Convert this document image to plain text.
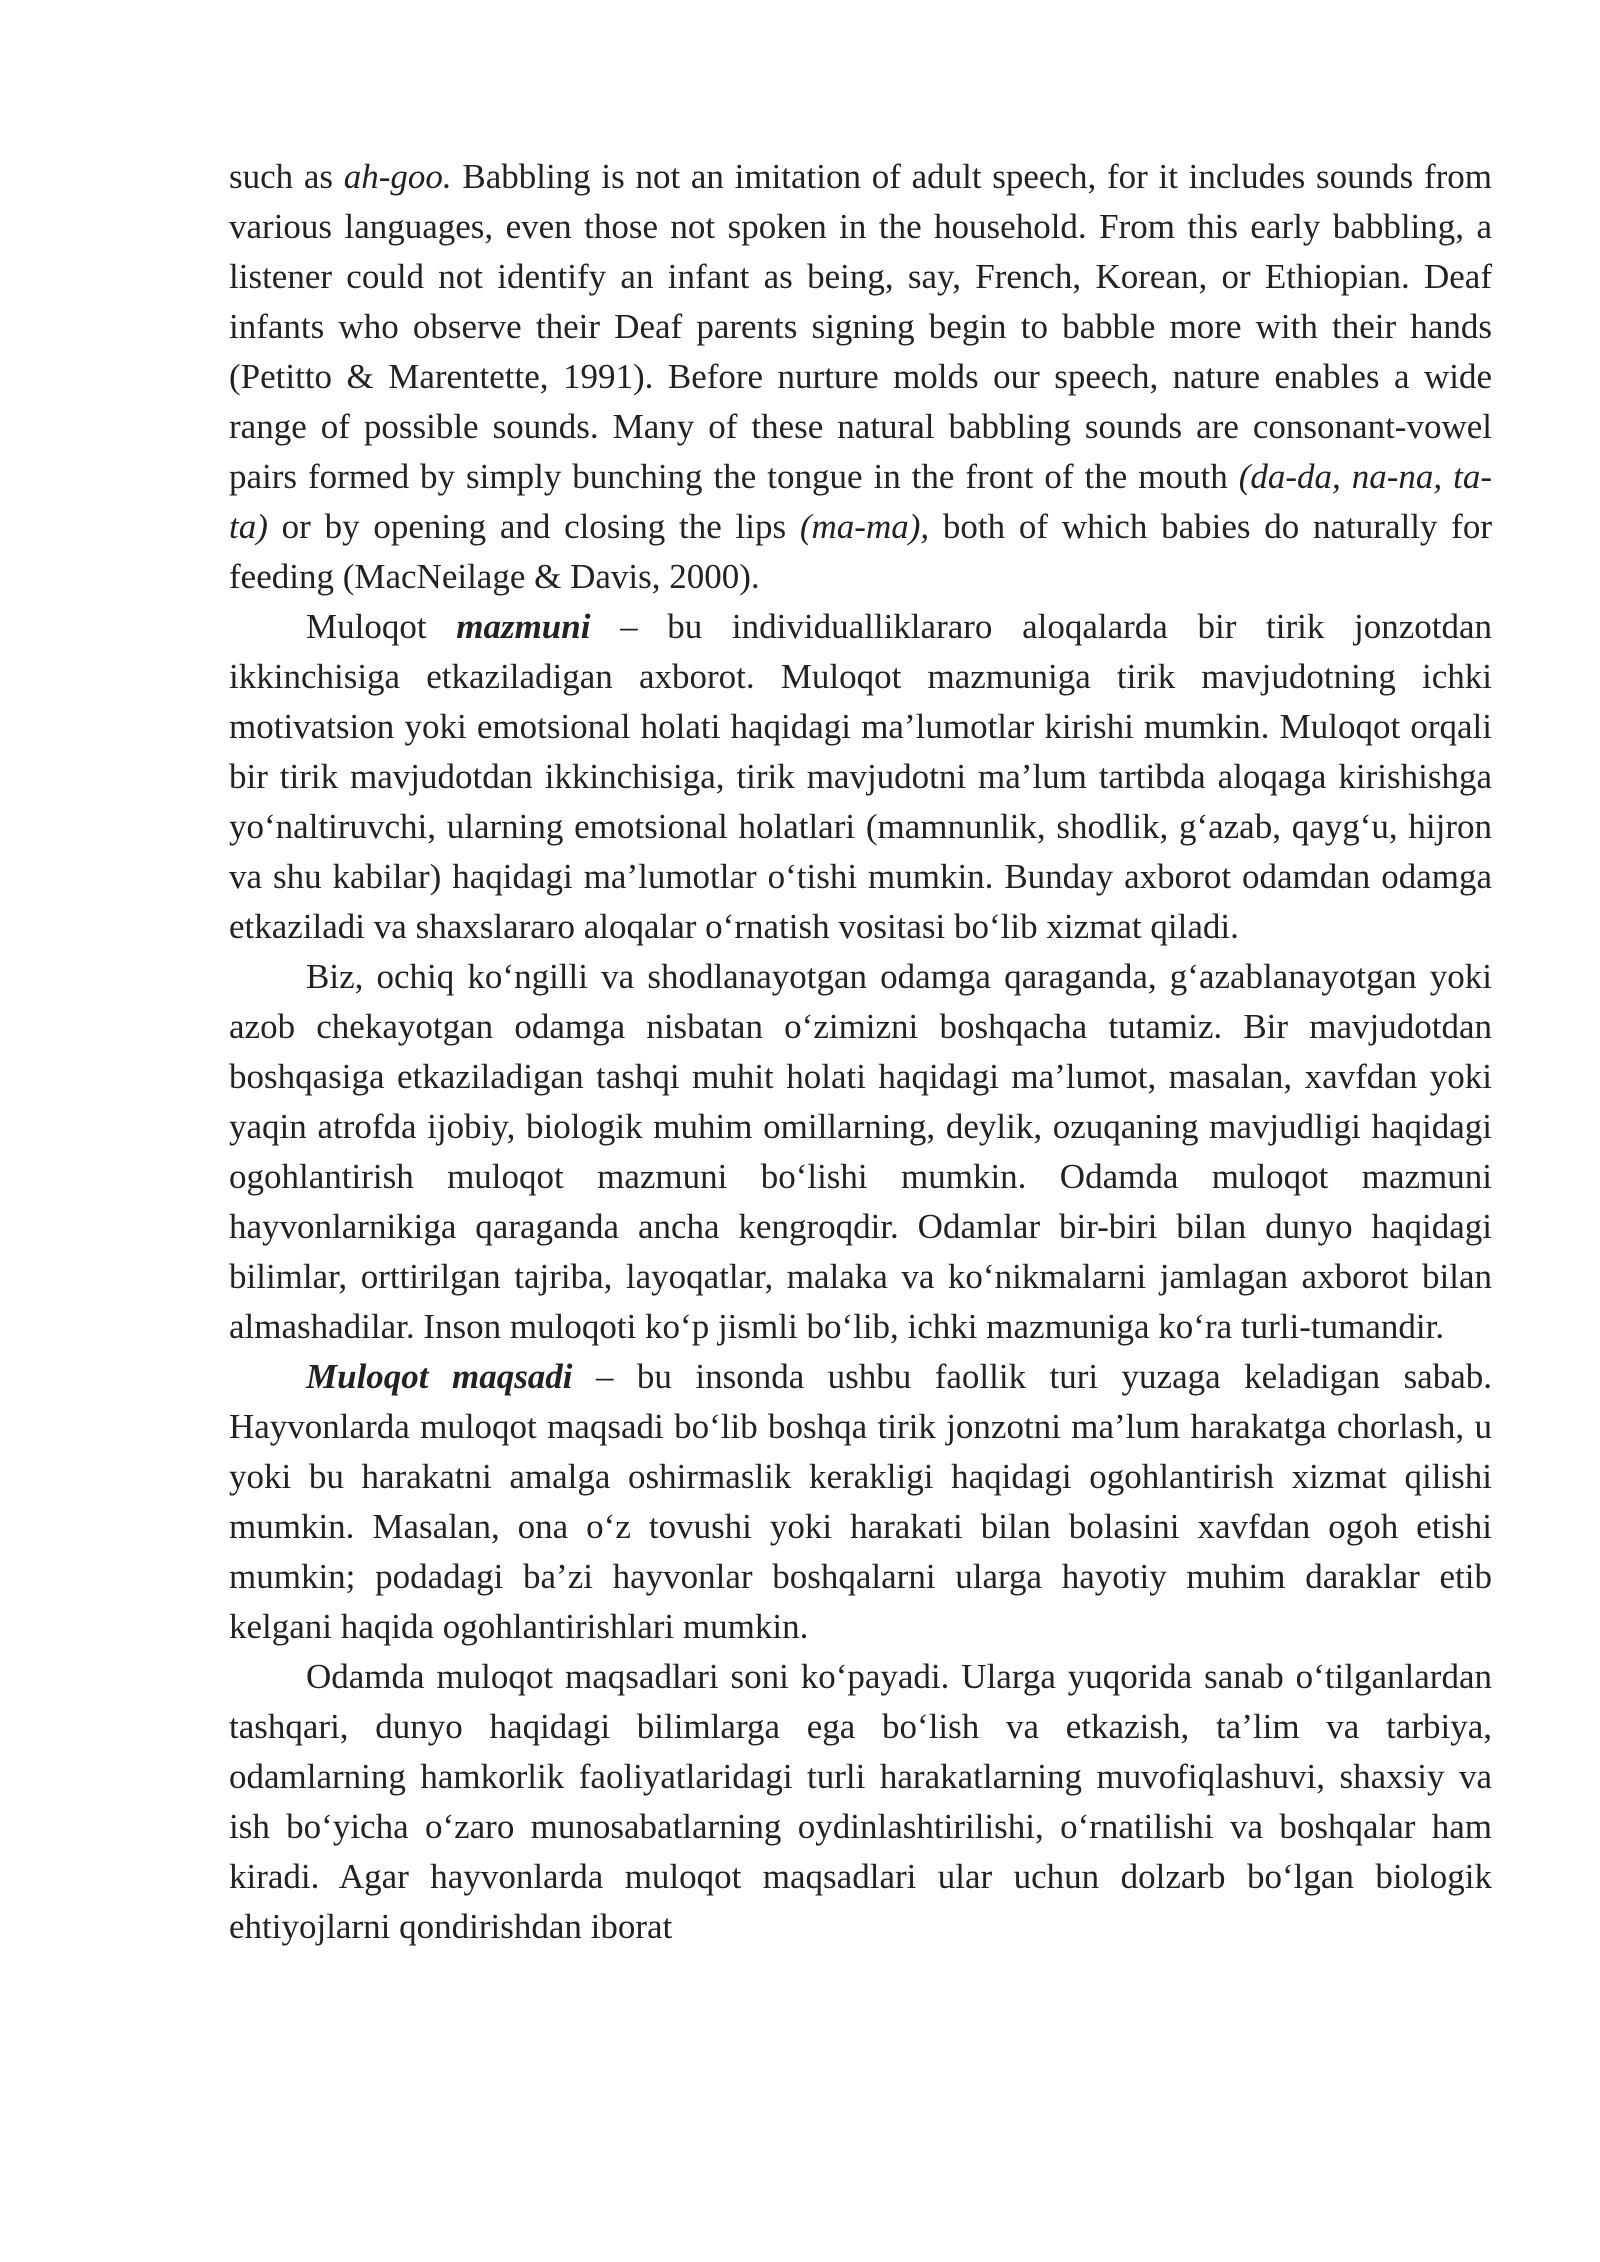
such as ah-goo. Babbling is not an imitation of adult speech, for it includes sounds from various languages, even those not spoken in the household. From this early babbling, a listener could not identify an infant as being, say, French, Korean, or Ethiopian. Deaf infants who observe their Deaf parents signing begin to babble more with their hands (Petitto & Marentette, 1991). Before nurture molds our speech, nature enables a wide range of possible sounds. Many of these natural babbling sounds are consonant-vowel pairs formed by simply bunching the tongue in the front of the mouth (da-da, na-na, ta-ta) or by opening and closing the lips (ma-ma), both of which babies do naturally for feeding (MacNeilage & Davis, 2000).

Muloqot mazmuni – bu individualliklararo aloqalarda bir tirik jonzotdan ikkinchisiga etkaziladigan axborot. Muloqot mazmuniga tirik mavjudotning ichki motivatsion yoki emotsional holati haqidagi ma’lumotlar kirishi mumkin. Muloqot orqali bir tirik mavjudotdan ikkinchisiga, tirik mavjudotni ma’lum tartibda aloqaga kirishishga yo‘naltiruvchi, ularning emotsional holatlari (mamnunlik, shodlik, g‘azab, qayg‘u, hijron va shu kabilar) haqidagi ma’lumotlar o‘tishi mumkin. Bunday axborot odamdan odamga etkaziladi va shaxslararo aloqalar o‘rnatish vositasi bo‘lib xizmat qiladi.

Biz, ochiq ko‘ngilli va shodlanayotgan odamga qaraganda, g‘azablanayotgan yoki azob chekayotgan odamga nisbatan o‘zimizni boshqacha tutamiz. Bir mavjudotdan boshqasiga etkaziladigan tashqi muhit holati haqidagi ma’lumot, masalan, xavfdan yoki yaqin atrofda ijobiy, biologik muhim omillarning, deylik, ozuqaning mavjudligi haqidagi ogohlantirish muloqot mazmuni bo‘lishi mumkin. Odamda muloqot mazmuni hayvonlarnikiga qaraganda ancha kengroqdir. Odamlar bir-biri bilan dunyo haqidagi bilimlar, orttirilgan tajriba, layoqatlar, malaka va ko‘nikmalarni jamlagan axborot bilan almashadilar. Inson muloqoti ko‘p jismli bo‘lib, ichki mazmuniga ko‘ra turli-tumandir.

Muloqot maqsadi – bu insonda ushbu faollik turi yuzaga keladigan sabab. Hayvonlarda muloqot maqsadi bo‘lib boshqa tirik jonzotni ma’lum harakatga chorlash, u yoki bu harakatni amalga oshirmaslik kerakligi haqidagi ogohlantirish xizmat qilishi mumkin. Masalan, ona o‘z tovushi yoki harakati bilan bolasini xavfdan ogoh etishi mumkin; podadagi ba’zi hayvonlar boshqalarni ularga hayotiy muhim daraklar etib kelgani haqida ogohlantirishlari mumkin.

Odamda muloqot maqsadlari soni ko‘payadi. Ularga yuqorida sanab o‘tilganlardan tashqari, dunyo haqidagi bilimlarga ega bo‘lish va etkazish, ta’lim va tarbiya, odamlarning hamkorlik faoliyatlaridagi turli harakatlarning muvofiqlashuvi, shaxsiy va ish bo‘yicha o‘zaro munosabatlarning oydinlashtirilishi, o‘rnatilishi va boshqalar ham kiradi. Agar hayvonlarda muloqot maqsadlari ular uchun dolzarb bo‘lgan biologik ehtiyojlarni qondirishdan iborat
